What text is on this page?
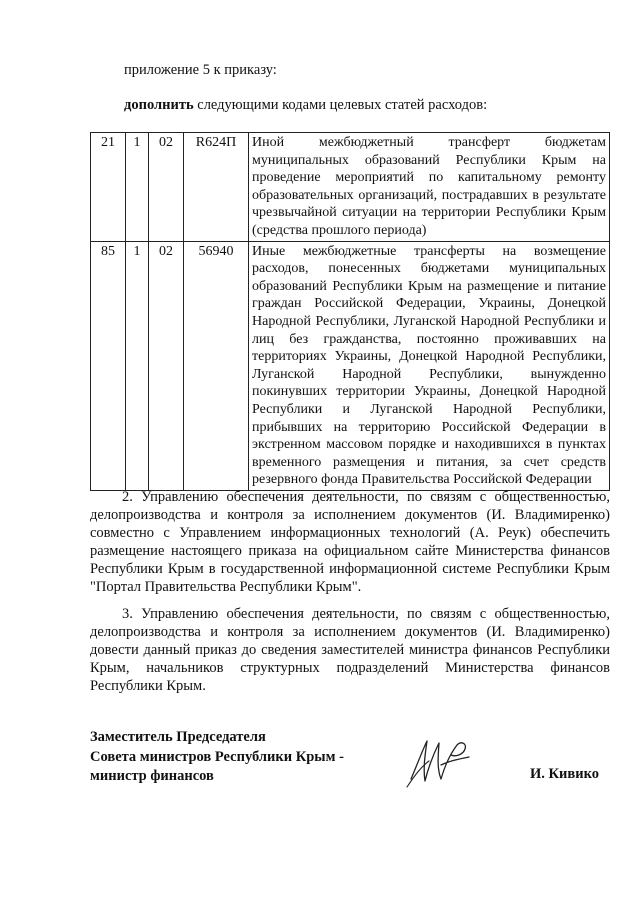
приложение 5 к приказу:
дополнить следующими кодами целевых статей расходов:
21	1	02	R624П	Иной межбюджетный трансферт бюджетам муниципальных образований Республики Крым на проведение мероприятий по капитальному ремонту образовательных организаций, пострадавших в результате чрезвычайной ситуации на территории Республики Крым (средства прошлого периода)
85	1	02	56940	Иные межбюджетные трансферты на возмещение расходов, понесенных бюджетами муниципальных образований Республики Крым на размещение и питание граждан Российской Федерации, Украины, Донецкой Народной Республики, Луганской Народной Республики и лиц без гражданства, постоянно проживавших на территориях Украины, Донецкой Народной Республики, Луганской Народной Республики, вынужденно покинувших территории Украины, Донецкой Народной Республики и Луганской Народной Республики, прибывших на территорию Российской Федерации в экстренном массовом порядке и находившихся в пунктах временного размещения и питания, за счет средств резервного фонда Правительства Российской Федерации
2. Управлению обеспечения деятельности, по связям с общественностью, делопроизводства и контроля за исполнением документов (И. Владимиренко) совместно с Управлением информационных технологий (А. Реук) обеспечить размещение настоящего приказа на официальном сайте Министерства финансов Республики Крым в государственной информационной системе Республики Крым "Портал Правительства Республики Крым".
3. Управлению обеспечения деятельности, по связям с общественностью, делопроизводства и контроля за исполнением документов (И. Владимиренко) довести данный приказ до сведения заместителей министра финансов Республики Крым, начальников структурных подразделений Министерства финансов Республики Крым.
Заместитель Председателя
Совета министров Республики Крым -
министр финансов	И. Кивико
